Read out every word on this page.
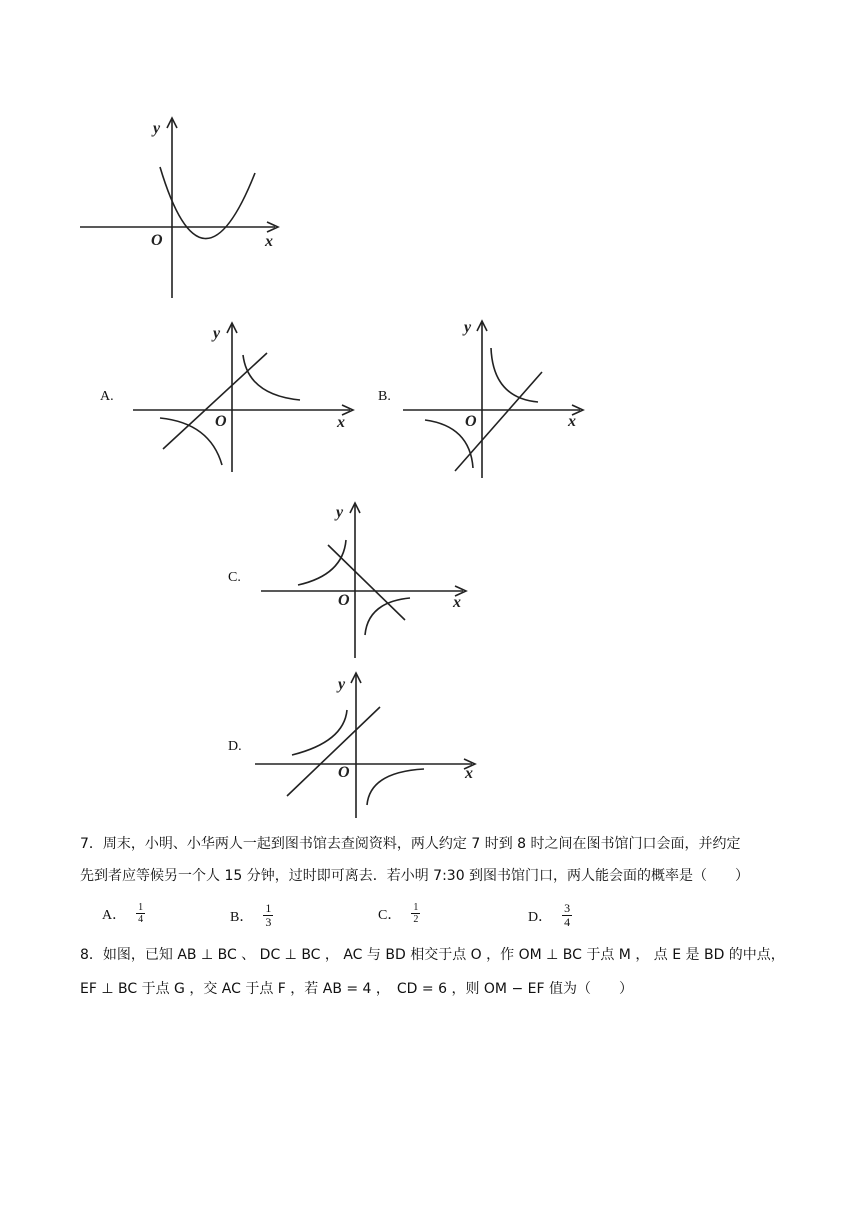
y
x
O
A.
y
x
O
B.
y
x
O
C.
y
x
O
D.
y
x
O
7．周末，小明、小华两人一起到图书馆去查阅资料，两人约定 7 时到 8 时之间在图书馆门口会面，并约定
先到者应等候另一个人 15 分钟，过时即可离去．若小明 7:30 到图书馆门口，两人能会面的概率是（　　）
A． $\frac{1}{4}$	B． $\frac{1}{3}$	C． $\frac{1}{2}$	D． $\frac{3}{4}$
8．如图，已知 AB ⊥ BC 、 DC ⊥ BC ， AC 与 BD 相交于点 O ，作 OM ⊥ BC 于点 M ， 点 E 是 BD 的中点，
EF ⊥ BC 于点 G ，交 AC 于点 F ，若 AB = 4 ，　CD = 6 ，则 OM − EF 值为（　　）
